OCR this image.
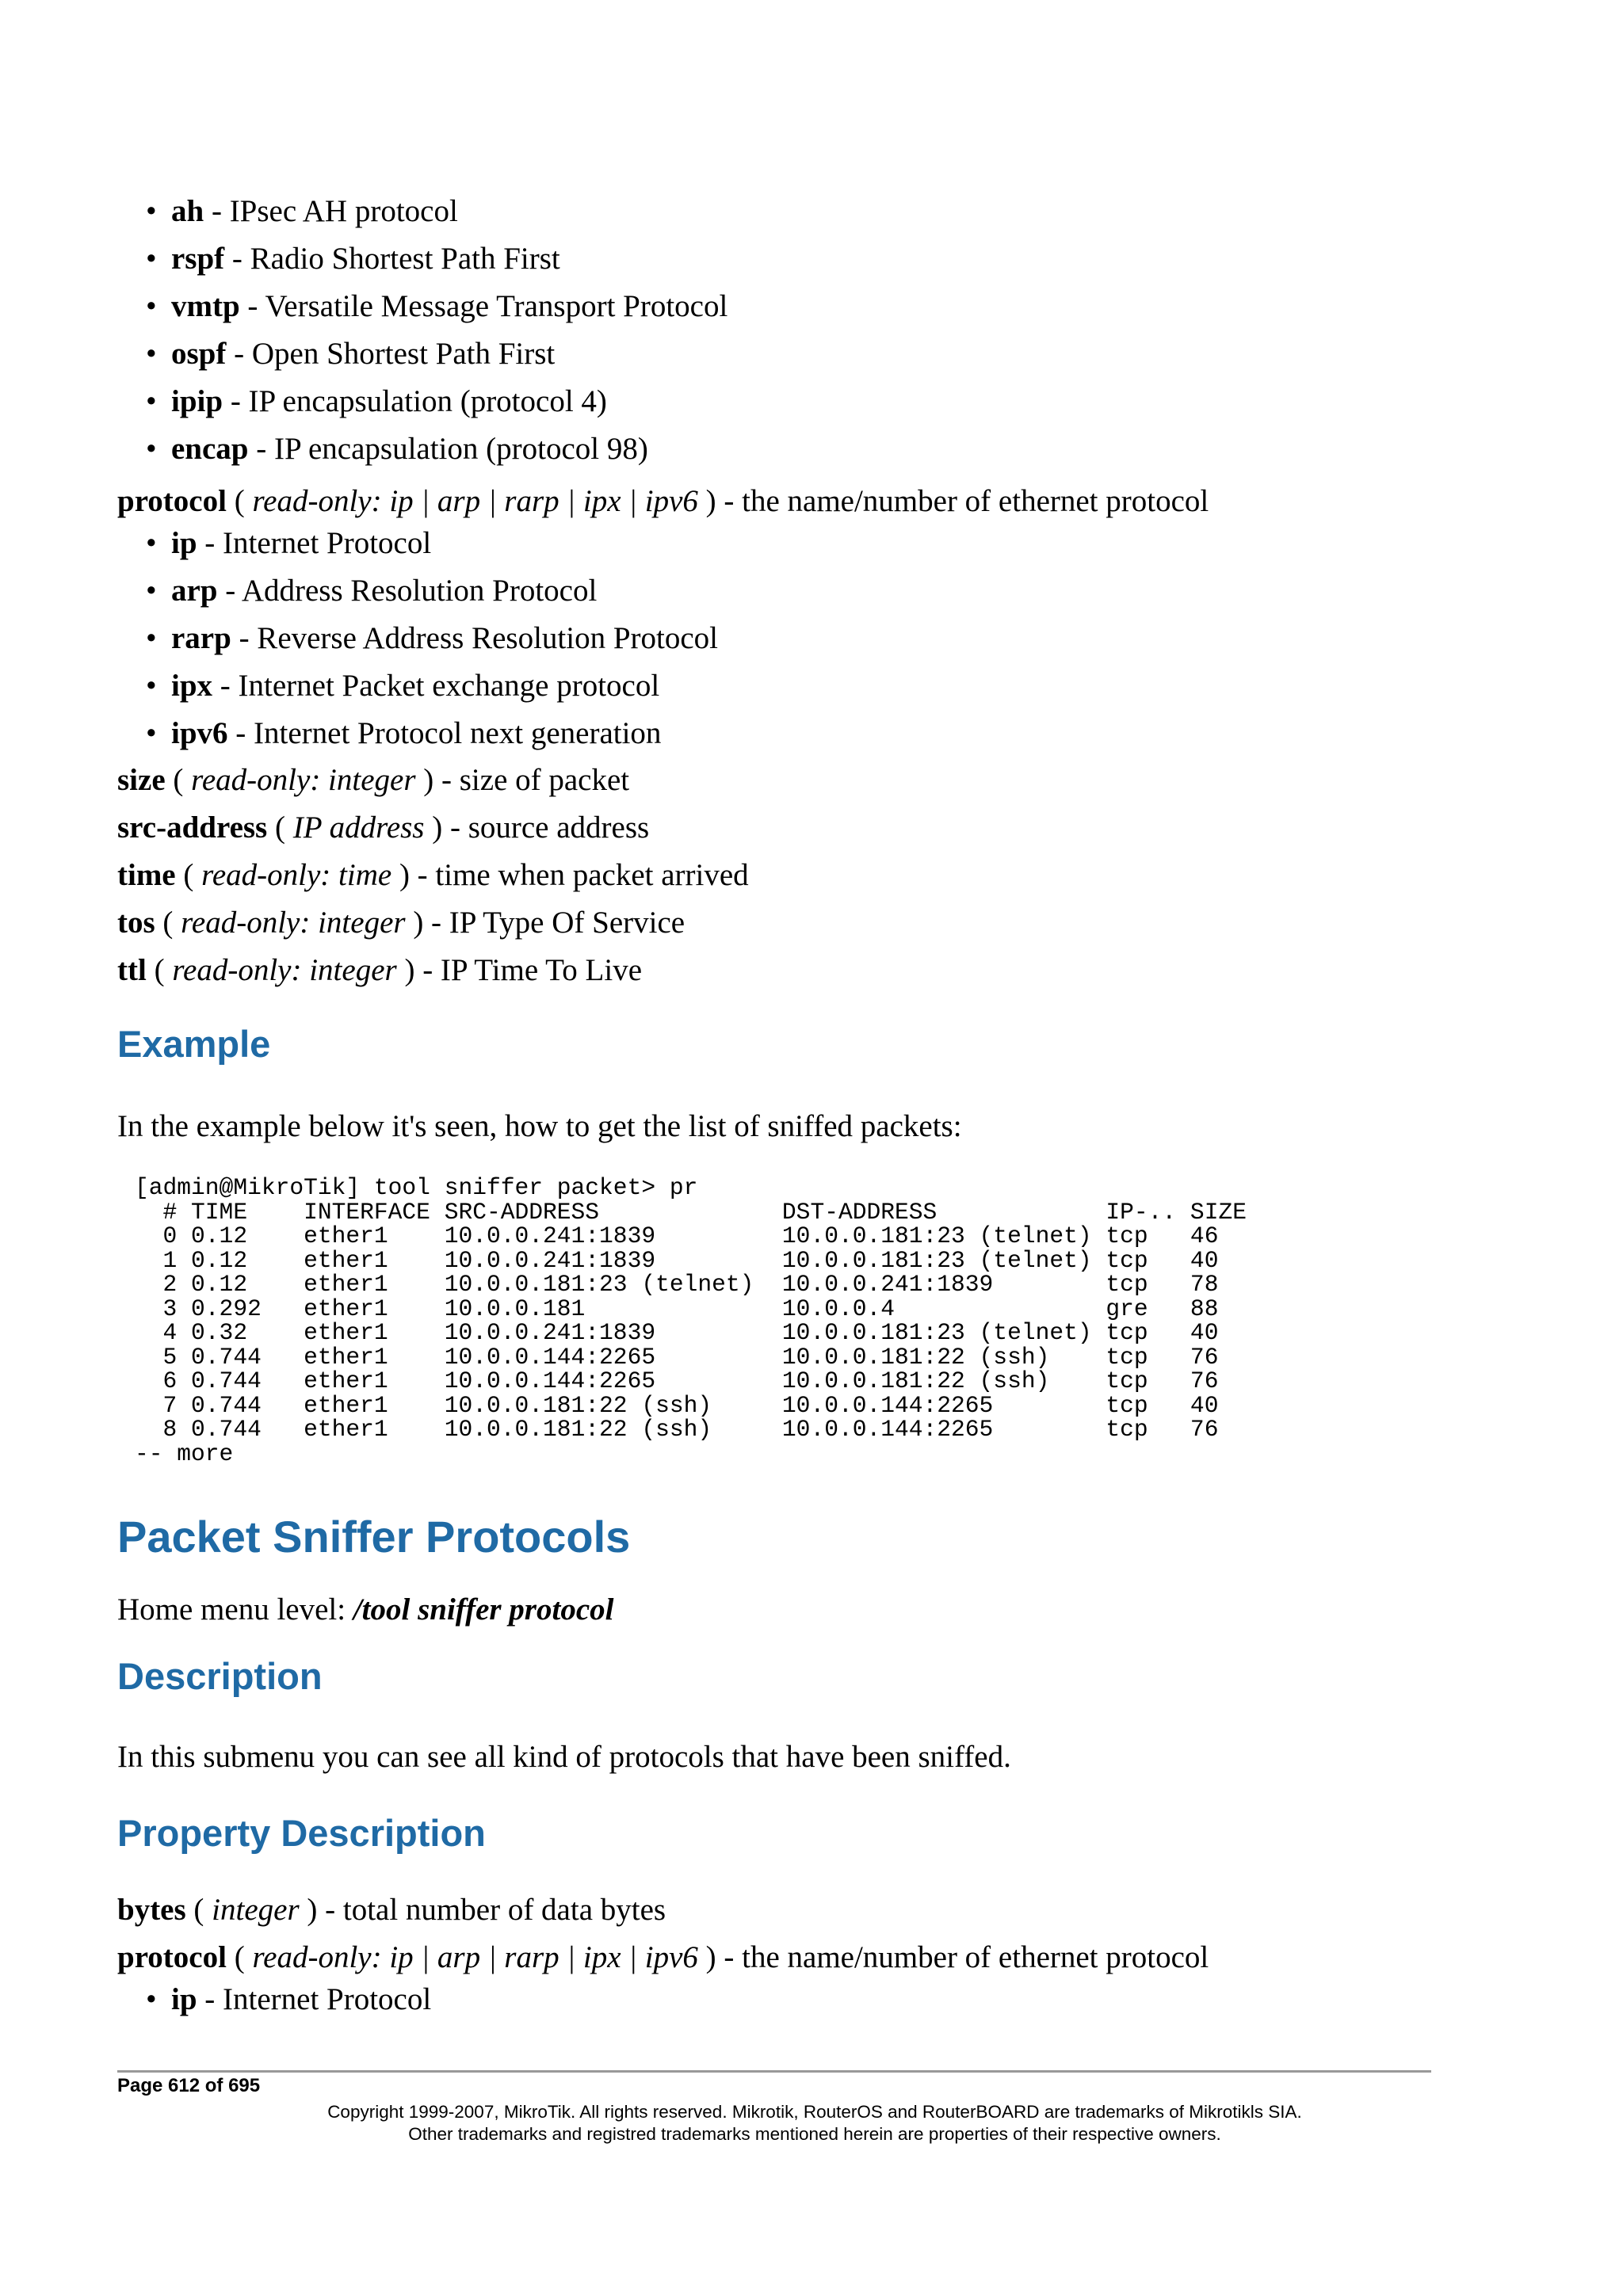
• ah - IPsec AH protocol
• rspf - Radio Shortest Path First
• vmtp - Versatile Message Transport Protocol
• ospf - Open Shortest Path First
• ipip - IP encapsulation (protocol 4)
• encap - IP encapsulation (protocol 98)
protocol ( read-only: ip | arp | rarp | ipx | ipv6 ) - the name/number of ethernet protocol
• ip - Internet Protocol
• arp - Address Resolution Protocol
• rarp - Reverse Address Resolution Protocol
• ipx - Internet Packet exchange protocol
• ipv6 - Internet Protocol next generation
size ( read-only: integer ) - size of packet
src-address ( IP address ) - source address
time ( read-only: time ) - time when packet arrived
tos ( read-only: integer ) - IP Type Of Service
ttl ( read-only: integer ) - IP Time To Live
Example

In the example below it's seen, how to get the list of sniffed packets:

[admin@MikroTik] tool sniffer packet> pr
# TIME    INTERFACE SRC-ADDRESS             DST-ADDRESS            IP-.. SIZE
0 0.12    ether1    10.0.0.241:1839         10.0.0.181:23 (telnet) tcp   46
1 0.12    ether1    10.0.0.241:1839         10.0.0.181:23 (telnet) tcp   40
2 0.12    ether1    10.0.0.181:23 (telnet)  10.0.0.241:1839        tcp   78
3 0.292   ether1    10.0.0.181              10.0.0.4               gre   88
4 0.32    ether1    10.0.0.241:1839         10.0.0.181:23 (telnet) tcp   40
5 0.744   ether1    10.0.0.144:2265         10.0.0.181:22 (ssh)    tcp   76
6 0.744   ether1    10.0.0.144:2265         10.0.0.181:22 (ssh)    tcp   76
7 0.744   ether1    10.0.0.181:22 (ssh)     10.0.0.144:2265        tcp   40
8 0.744   ether1    10.0.0.181:22 (ssh)     10.0.0.144:2265        tcp   76
-- more
Packet Sniffer Protocols

Home menu level: /tool sniffer protocol

Description

In this submenu you can see all kind of protocols that have been sniffed.

Property Description
bytes ( integer ) - total number of data bytes
protocol ( read-only: ip | arp | rarp | ipx | ipv6 ) - the name/number of ethernet protocol
• ip - Internet Protocol
Page 612 of 695
Copyright 1999-2007, MikroTik. All rights reserved. Mikrotik, RouterOS and RouterBOARD are trademarks of Mikrotikls SIA.
Other trademarks and registred trademarks mentioned herein are properties of their respective owners.
